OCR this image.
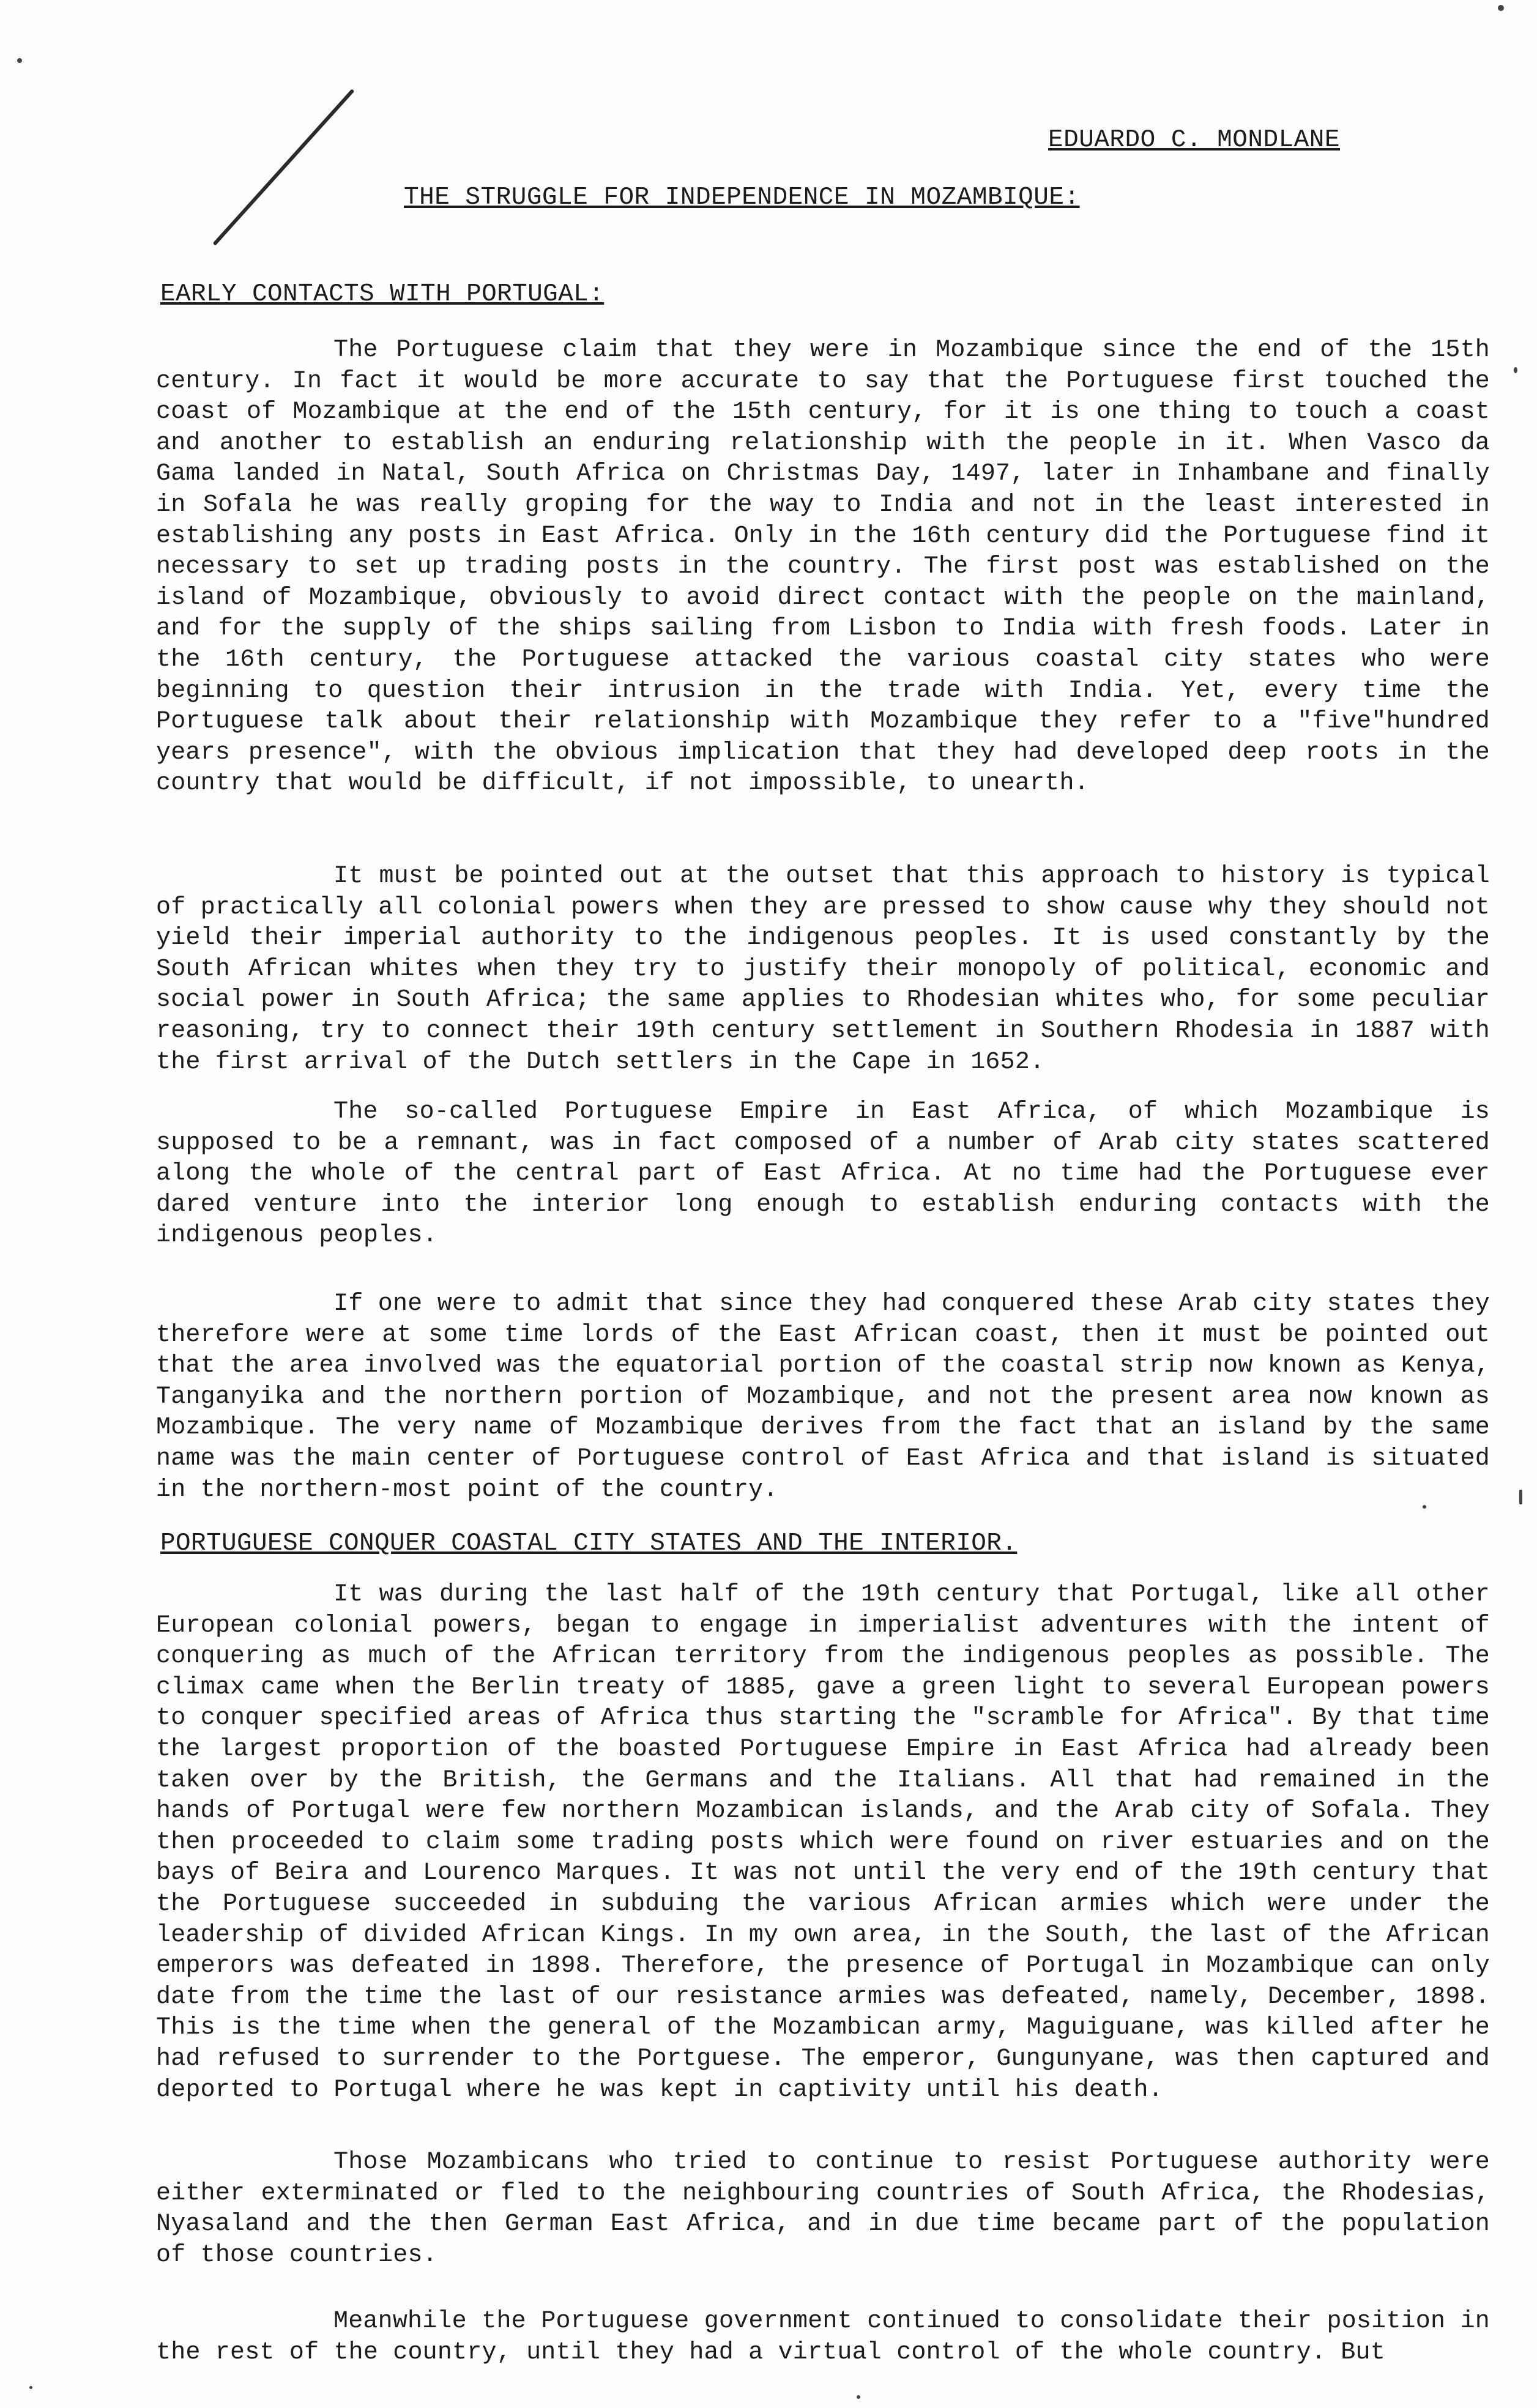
EDUARDO C. MONDLANE
THE STRUGGLE FOR INDEPENDENCE IN MOZAMBIQUE:
EARLY CONTACTS WITH PORTUGAL:

The Portuguese claim that they were in Mozambique since the end of the 15th century. In fact it would be more accurate to say that the Portuguese first touched the coast of Mozambique at the end of the 15th century, for it is one thing to touch a coast and another to establish an enduring relationship with the people in it. When Vasco da Gama landed in Natal, South Africa on Christmas Day, 1497, later in Inhambane and finally in Sofala he was really groping for the way to India and not in the least interested in establishing any posts in East Africa. Only in the 16th century did the Portuguese find it necessary to set up trading posts in the country. The first post was established on the island of Mozambique, obviously to avoid direct contact with the people on the mainland, and for the supply of the ships sailing from Lisbon to India with fresh foods. Later in the 16th century, the Portuguese attacked the various coastal city states who were beginning to question their intrusion in the trade with India. Yet, every time the Portuguese talk about their relationship with Mozambique they refer to a "five"hundred years presence", with the obvious implication that they had developed deep roots in the country that would be difficult, if not impossible, to unearth.

It must be pointed out at the outset that this approach to history is typical of practically all colonial powers when they are pressed to show cause why they should not yield their imperial authority to the indigenous peoples. It is used constantly by the South African whites when they try to justify their monopoly of political, economic and social power in South Africa; the same applies to Rhodesian whites who, for some peculiar reasoning, try to connect their 19th century settlement in Southern Rhodesia in 1887 with the first arrival of the Dutch settlers in the Cape in 1652.

The so-called Portuguese Empire in East Africa, of which Mozambique is supposed to be a remnant, was in fact composed of a number of Arab city states scattered along the whole of the central part of East Africa. At no time had the Portuguese ever dared venture into the interior long enough to establish enduring contacts with the indigenous peoples.

If one were to admit that since they had conquered these Arab city states they therefore were at some time lords of the East African coast, then it must be pointed out that the area involved was the equatorial portion of the coastal strip now known as Kenya, Tanganyika and the northern portion of Mozambique, and not the present area now known as Mozambique. The very name of Mozambique derives from the fact that an island by the same name was the main center of Portuguese control of East Africa and that island is situated in the northern-most point of the country.

PORTUGUESE CONQUER COASTAL CITY STATES AND THE INTERIOR.

It was during the last half of the 19th century that Portugal, like all other European colonial powers, began to engage in imperialist adventures with the intent of conquering as much of the African territory from the indigenous peoples as possible. The climax came when the Berlin treaty of 1885, gave a green light to several European powers to conquer specified areas of Africa thus starting the "scramble for Africa". By that time the largest proportion of the boasted Portuguese Empire in East Africa had already been taken over by the British, the Germans and the Italians. All that had remained in the hands of Portugal were few northern Mozambican islands, and the Arab city of Sofala. They then proceeded to claim some trading posts which were found on river estuaries and on the bays of Beira and Lourenco Marques. It was not until the very end of the 19th century that the Portuguese succeeded in subduing the various African armies which were under the leadership of divided African Kings. In my own area, in the South, the last of the African emperors was defeated in 1898. Therefore, the presence of Portugal in Mozambique can only date from the time the last of our resistance armies was defeated, namely, December, 1898. This is the time when the general of the Mozambican army, Maguiguane, was killed after he had refused to surrender to the Portguese. The emperor, Gungunyane, was then captured and deported to Portugal where he was kept in captivity until his death.

Those Mozambicans who tried to continue to resist Portuguese authority were either exterminated or fled to the neighbouring countries of South Africa, the Rhodesias, Nyasaland and the then German East Africa, and in due time became part of the population of those countries.

Meanwhile the Portuguese government continued to consolidate their position in the rest of the country, until they had a virtual control of the whole country. But
